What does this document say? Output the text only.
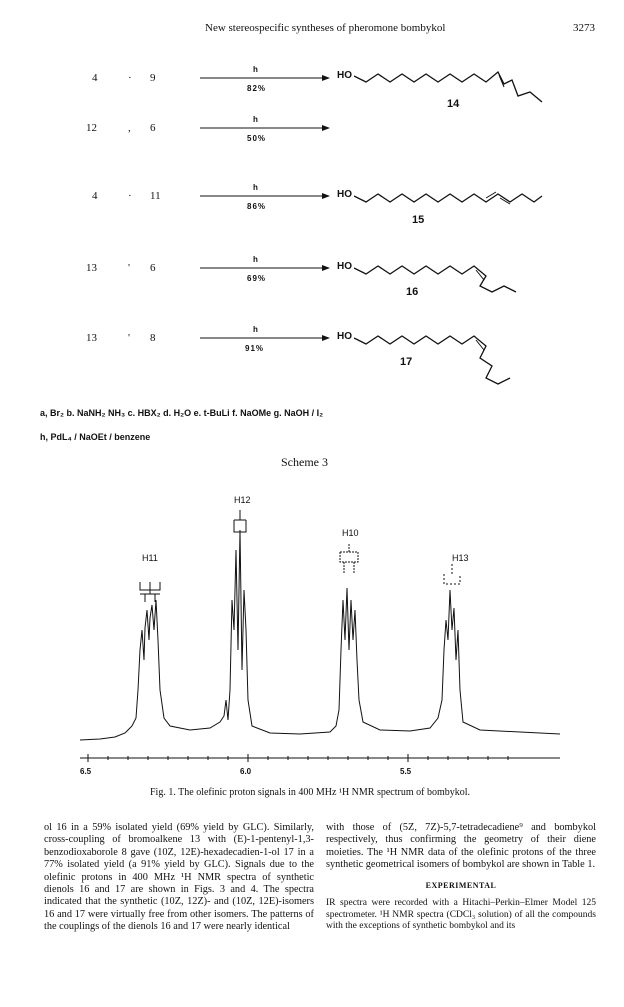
New stereospecific syntheses of pheromone bombykol	3273
4	· 9
h
82%
HO
14
12	, 6
h
50%
4	· 11
h
86%
HO
15
13	' 6
h
69%
HO
16
13	' 8
h
91%
HO
17
a, Br₂ b. NaNH₂ NH₃ c. HBX₂ d. H₂O e. t-BuLi f. NaOMe g. NaOH / I₂
h, PdL₄ / NaOEt / benzene
Scheme 3
H11
H12
H10
H13
6.5	6.0	5.5
Fig. 1. The olefinic proton signals in 400 MHz ¹H NMR spectrum of bombykol.

ol 16 in a 59% isolated yield (69% yield by GLC). Similarly, cross-coupling of bromoalkene 13 with (E)-1-pentenyl-1,3-benzodioxaborole 8 gave (10Z, 12E)-hexadecadien-1-ol 17 in a 77% isolated yield (a 91% yield by GLC). Signals due to the olefinic protons in 400 MHz ¹H NMR spectra of synthetic dienols 16 and 17 are shown in Figs. 3 and 4. The spectra indicated that the synthetic (10Z, 12Z)- and (10Z, 12E)-isomers 16 and 17 were virtually free from other isomers. The patterns of the couplings of the dienols 16 and 17 were nearly identical

with those of (5Z, 7Z)-5,7-tetradecadiene⁹ and bombykol respectively, thus confirming the geometry of their diene moieties. The ¹H NMR data of the olefinic protons of the three synthetic geometrical isomers of bombykol are shown in Table 1.

EXPERIMENTAL

IR spectra were recorded with a Hitachi–Perkin–Elmer Model 125 spectrometer. ¹H NMR spectra (CDCl₃ solution) of all the compounds with the exceptions of synthetic bombykol and its
